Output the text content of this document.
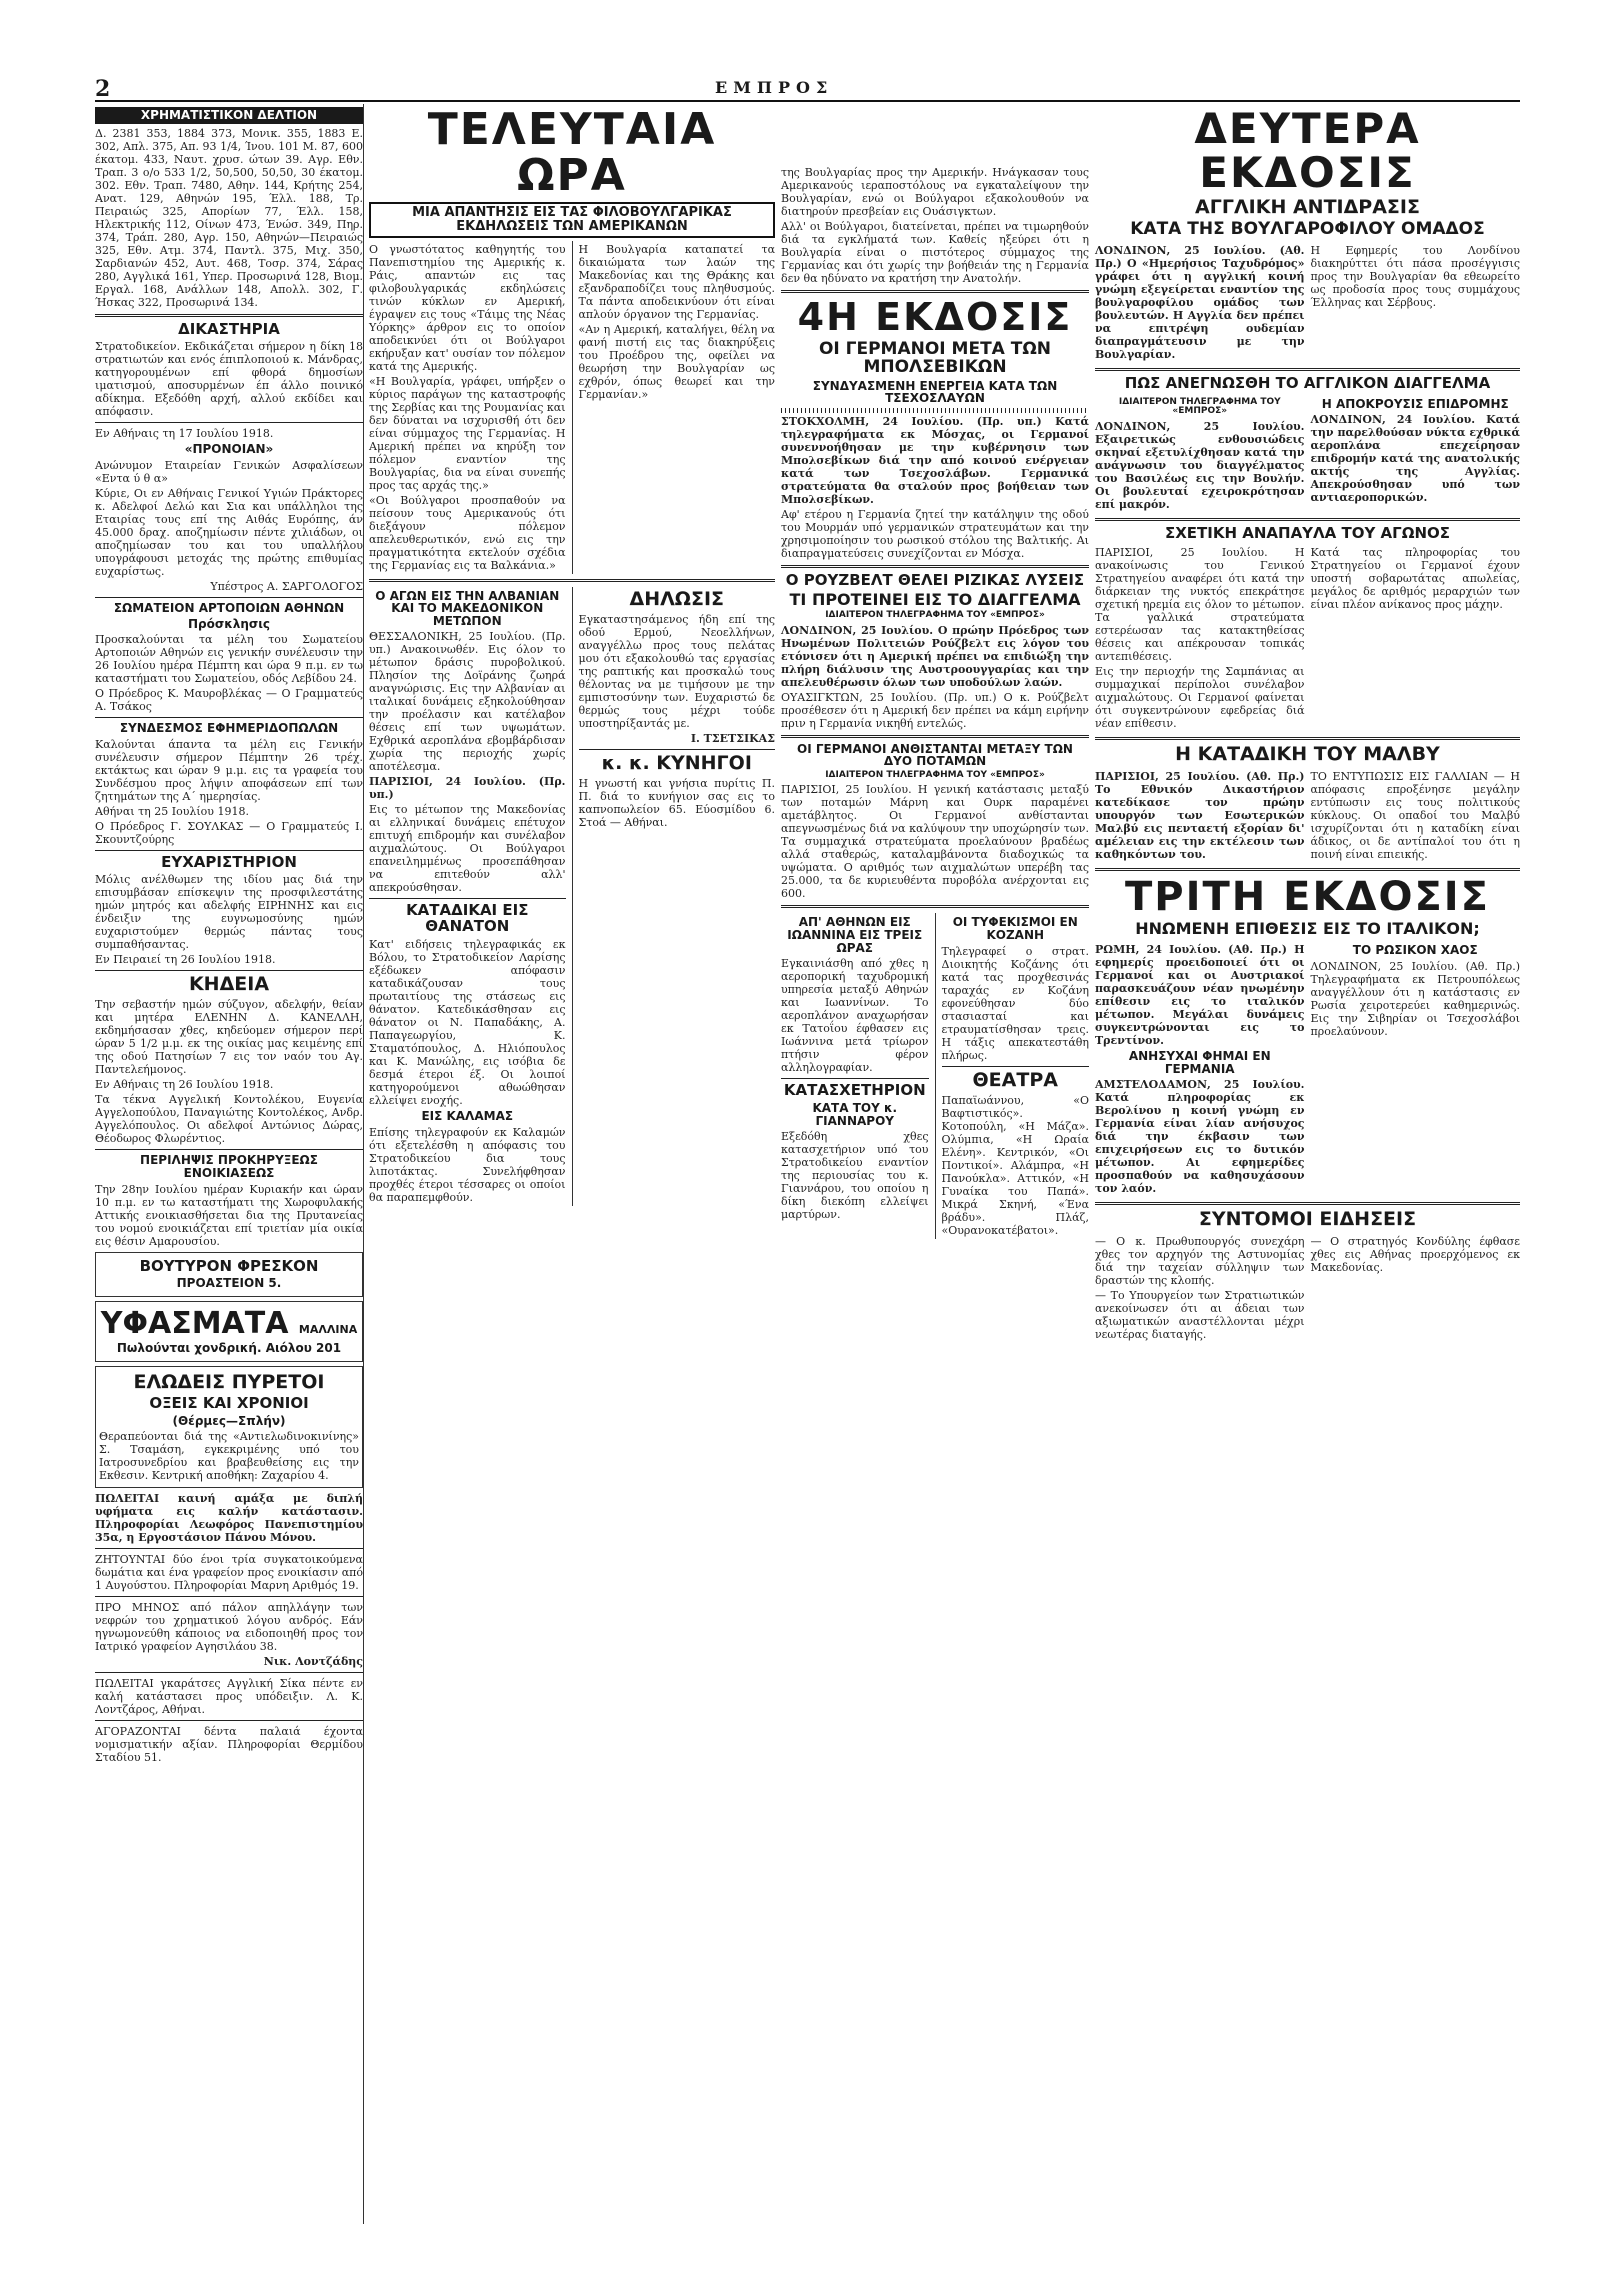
2	ΕΜΠΡΟΣ
ΧΡΗΜΑΤΙΣΤΙΚΟΝ ΔΕΛΤΙΟΝ
Δ. 2381 353, 1884 373, Μονικ. 355, 1883 Ε. 302, Απλ. 375, Απ. 93 1/4, Ίνου. 101 Μ. 87, 600 έκατομ. 433, Ναυτ. χρυσ. ώτων 39. Αγρ. Εθν. Τραπ. 3 ο/ο 533 1/2, 50,500, 50,50, 30 έκατομ. 302. Εθν. Τραπ. 7480, Αθην. 144, Κρήτης 254, Ανατ. 129, Αθηνών 195, Έλλ. 188, Τρ. Πειραιώς 325, Απορίων 77, Έλλ. 158, Ηλεκτρικής 112, Οίνων 473, Ένώσ. 349, Πηρ. 374, Τράπ. 280, Αγρ. 150, Αθηνών—Πειραιώς 325, Εθν. Ατμ. 374, Παντλ. 375, Μιχ. 350, Σαρδιανών 452, Αυτ. 468, Τοσρ. 374, Σάρας 280, Αγγλικά 161, Υπερ. Προσωρινά 128, Βιομ. Εργαλ. 168, Ανάλλων 148, Απολλ. 302, Γ. Ήσκας 322, Προσωρινά 134.
ΔΙΚΑΣΤΗΡΙΑ
Στρατοδικείον. Εκδικάζεται σήμερον η δίκη 18 στρατιωτών και ενός έπιπλοποιού κ. Μάνδρας, κατηγορουμένων επί φθορά δημοσίων ιματισμού, αποσυρμένων έπ άλλο ποινικό αδίκημα. Εξεδόθη αρχή, αλλού εκδίδει και απόφασιν.
Εν Αθήναις τη 17 Ιουλίου 1918.
«ΠΡΟΝΟΙΑΝ»
Ανώνυμον Εταιρείαν Γενικών Ασφαλίσεων «Εντα ύ θ α»
Κύριε, Οι εν Αθήναις Γενικοί Υγιών Πράκτορες κ. Αδελφοί Δελώ και Σια και υπάλληλοι της Εταιρίας τους επί της Αιθάς Ευρόπης, άν 45.000 δραχ. αποζημίωσιν πέντε χιλιάδων, οι αποζημίωσαν του και του υπαλλήλου υπογράφουσι μετοχάς της πρώτης επιθυμίας ευχαρίστως.
Υπέστρος Α. ΣΑΡΓΟΛΟΓΟΣ
ΣΩΜΑΤΕΙΟΝ ΑΡΤΟΠΟΙΩΝ ΑΘΗΝΩΝ
Πρόσκλησις
Προσκαλούνται τα μέλη του Σωματείου Αρτοποιών Αθηνών εις γενικήν συνέλευσιν την 26 Ιουλίου ημέρα Πέμπτη και ώρα 9 π.μ. εν τω καταστήματι του Σωματείου, οδός Λεβίδου 24.
Ο Πρόεδρος Κ. Μαυροβλέκας — Ο Γραμματεύς Α. Τσάκος
ΣΥΝΔΕΣΜΟΣ ΕΦΗΜΕΡΙΔΟΠΩΛΩΝ
Καλούνται άπαντα τα μέλη εις Γενικήν συνέλευσιν σήμερον Πέμπτην 26 τρέχ. εκτάκτως και ώραν 9 μ.μ. εις τα γραφεία του Συνδέσμου προς λήψιν αποφάσεων επί των ζητημάτων της Α΄ ημερησίας.
Αθήναι τη 25 Ιουλίου 1918.
Ο Πρόεδρος Γ. ΣΟΥΛΚΑΣ — Ο Γραμματεύς Ι. Σκουντζούρης
ΕΥΧΑΡΙΣΤΗΡΙΟΝ
Μόλις ανέλθωμεν της ιδίου μας διά την επισυμβάσαν επίσκεψιν της προσφιλεστάτης ημών μητρός και αδελφής ΕΙΡΗΝΗΣ και εις ένδειξιν της ευγνωμοσύνης ημών ευχαριστούμεν θερμώς πάντας τους συμπαθήσαντας.
Εν Πειραιεί τη 26 Ιουλίου 1918.
ΚΗΔΕΙΑ
Την σεβαστήν ημών σύζυγον, αδελφήν, θείαν και μητέρα ΕΛΕΝΗΝ Δ. ΚΑΝΕΛΛΗ, εκδημήσασαν χθες, κηδεύομεν σήμερον περί ώραν 5 1/2 μ.μ. εκ της οικίας μας κειμένης επί της οδού Πατησίων 7 εις τον ναόν του Αγ. Παντελεήμονος.
Εν Αθήναις τη 26 Ιουλίου 1918.
Τα τέκνα Αγγελική Κοντολέκου, Ευγενία Αγγελοπούλου, Παναγιώτης Κοντολέκος, Ανδρ. Αγγελόπουλος. Οι αδελφοί Αντώνιος Δώρας, Θέοδωρος Φλωρέντιος.
ΠΕΡΙΛΗΨΙΣ ΠΡΟΚΗΡΥΞΕΩΣ ΕΝΟΙΚΙΑΣΕΩΣ
Την 28ην Ιουλίου ημέραν Κυριακήν και ώραν 10 π.μ. εν τω καταστήματι της Χωροφυλακής Αττικής ενοικιασθήσεται δια της Πρυτανείας του νομού ενοικιάζεται επί τριετίαν μία οικία εις θέσιν Αμαρουσίου.
ΒΟΥΤΥΡΟΝ ΦΡΕΣΚΟΝ
ΠΡΟΑΣΤΕΙΟΝ 5.
ΥΦΑΣΜΑΤΑ ΜΑΛΛΙΝΑ
Πωλούνται χονδρική. Αιόλου 201
ΕΛΩΔΕΙΣ ΠΥΡΕΤΟΙ
ΟΞΕΙΣ ΚΑΙ ΧΡΟΝΙΟΙ
(Θέρμες—Σπλήν)
Θεραπεύονται διά της «Αντιελωδινοκινίνης» Σ. Τσαμάση, εγκεκριμένης υπό του Ιατροσυνεδρίου και βραβευθείσης εις την Εκθεσιν. Κεντρική αποθήκη: Ζαχαρίου 4.
ΠΩΛΕΙΤΑΙ καινή αμάξα με διπλή υφήματα εις καλήν κατάστασιν. Πληροφορίαι Λεωφόρος Πανεπιστημίου 35α, η Εργοστάσιον Πάνου Μόνου.
ΖΗΤΟΥΝΤΑΙ δύο ένοι τρία συγκατοικούμενα δωμάτια και ένα γραφείον προς ενοικίασιν από 1 Αυγούστου. Πληροφορίαι Μαρνη Αριθμός 19.
ΠΡΟ ΜΗΝΟΣ από πάλον απηλλάγην των νεφρών του χρηματικού λόγου ανδρός. Εάν ηγνωμονεύθη κάποιος να ειδοποιηθή προς τον Ιατρικό γραφείον Αγησιλάου 38.
Νικ. Λοντζάδης
ΠΩΛΕΙΤΑΙ γκαράτσες Αγγλική Σίκα πέντε εν καλή κατάστασει προς υπόδειξιν. Λ. Κ. Λοντζάρος, Αθήναι.
ΑΓΟΡΑΖΟΝΤΑΙ δέντα παλαιά έχοντα νομισματικήν αξίαν. Πληροφορίαι Θερμίδου Σταδίου 51.
ΤΕΛΕΥΤΑΙΑ ΩΡΑ
ΜΙΑ ΑΠΑΝΤΗΣΙΣ ΕΙΣ ΤΑΣ ΦΙΛΟΒΟΥΛΓΑΡΙΚΑΣ ΕΚΔΗΛΩΣΕΙΣ ΤΩΝ ΑΜΕΡΙΚΑΝΩΝ
Ο γνωστότατος καθηγητής του Πανεπιστημίου της Αμερικής κ. Ράις, απαντών εις τας φιλοβουλγαρικάς εκδηλώσεις τινών κύκλων εν Αμερική, έγραψεν εις τους «Τάιμς της Νέας Υόρκης» άρθρον εις το οποίον αποδεικνύει ότι οι Βούλγαροι εκήρυξαν κατ' ουσίαν τον πόλεμον κατά της Αμερικής.
«Η Βουλγαρία, γράφει, υπήρξεν ο κύριος παράγων της καταστροφής της Σερβίας και της Ρουμανίας και δεν δύναται να ισχυρισθή ότι δεν είναι σύμμαχος της Γερμανίας. Η Αμερική πρέπει να κηρύξη τον πόλεμον εναντίον της Βουλγαρίας, δια να είναι συνεπής προς τας αρχάς της.»
«Οι Βούλγαροι προσπαθούν να πείσουν τους Αμερικανούς ότι διεξάγουν πόλεμον απελευθερωτικόν, ενώ εις την πραγματικότητα εκτελούν σχέδια της Γερμανίας εις τα Βαλκάνια.»
Η Βουλγαρία καταπατεί τα δικαιώματα των λαών της Μακεδονίας και της Θράκης και εξανδραποδίζει τους πληθυσμούς. Τα πάντα αποδεικνύουν ότι είναι απλούν όργανον της Γερμανίας.
«Αν η Αμερική, καταλήγει, θέλη να φανή πιστή εις τας διακηρύξεις του Προέδρου της, οφείλει να θεωρήση την Βουλγαρίαν ως εχθρόν, όπως θεωρεί και την Γερμανίαν.»
Ο ΑΓΩΝ ΕΙΣ ΤΗΝ ΑΛΒΑΝΙΑΝ ΚΑΙ ΤΟ ΜΑΚΕΔΟΝΙΚΟΝ ΜΕΤΩΠΟΝ
ΘΕΣΣΑΛΟΝΙΚΗ, 25 Ιουλίου. (Πρ. υπ.) Ανακοινωθέν. Εις όλον το μέτωπον δράσις πυροβολικού. Πλησίον της Δοϊράνης ζωηρά αναγνώρισις. Εις την Αλβανίαν αι ιταλικαί δυνάμεις εξηκολούθησαν την προέλασιν και κατέλαβον θέσεις επί των υψωμάτων. Εχθρικά αεροπλάνα εβομβάρδισαν χωρία της περιοχής χωρίς αποτέλεσμα.
ΠΑΡΙΣΙΟΙ, 24 Ιουλίου. (Πρ. υπ.)
Εις το μέτωπον της Μακεδονίας αι ελληνικαί δυνάμεις επέτυχον επιτυχή επιδρομήν και συνέλαβον αιχμαλώτους. Οι Βούλγαροι επανειλημμένως προσεπάθησαν να επιτεθούν αλλ' απεκρούσθησαν.
ΚΑΤΑΔΙΚΑΙ ΕΙΣ ΘΑΝΑΤΟΝ
Κατ' ειδήσεις τηλεγραφικάς εκ Βόλου, το Στρατοδικείον Λαρίσης εξέδωκεν απόφασιν καταδικάζουσαν τους πρωταιτίους της στάσεως εις θάνατον. Κατεδικάσθησαν εις θάνατον οι Ν. Παπαδάκης, Α. Παπαγεωργίου, Κ. Σταματόπουλος, Δ. Ηλιόπουλος και Κ. Μανώλης, εις ισόβια δε δεσμά έτεροι έξ. Οι λοιποί κατηγορούμενοι αθωώθησαν ελλείψει ενοχής.
ΕΙΣ ΚΑΛΑΜΑΣ
Επίσης τηλεγραφούν εκ Καλαμών ότι εξετελέσθη η απόφασις του Στρατοδικείου δια τους λιποτάκτας. Συνελήφθησαν προχθές έτεροι τέσσαρες οι οποίοι θα παραπεμφθούν.
ΔΗΛΩΣΙΣ
Εγκαταστησάμενος ήδη επί της οδού Ερμού, Νεοελλήνων, αναγγέλλω προς τους πελάτας μου ότι εξακολουθώ τας εργασίας της ραπτικής και προσκαλώ τους θέλοντας να με τιμήσουν με την εμπιστοσύνην των. Ευχαριστώ δε θερμώς τους μέχρι τούδε υποστηρίξαντάς με.
Ι. ΤΣΕΤΣΙΚΑΣ
κ. κ. ΚΥΝΗΓΟΙ
Η γνωστή και γνήσια πυρίτις Π. Π. διά το κυνήγιον σας εις το καπνοπωλείον 65. Εύοσμίδου 6. Στοά — Αθήναι.
της Βουλγαρίας προς την Αμερικήν. Ηνάγκασαν τους Αμερικανούς ιεραποστόλους να εγκαταλείψουν την Βουλγαρίαν, ενώ οι Βούλγαροι εξακολουθούν να διατηρούν πρεσβείαν εις Ουάσιγκτων.
Αλλ' οι Βούλγαροι, διατείνεται, πρέπει να τιμωρηθούν διά τα εγκλήματά των. Καθείς ηξεύρει ότι η Βουλγαρία είναι ο πιστότερος σύμμαχος της Γερμανίας και ότι χωρίς την βοήθειάν της η Γερμανία δεν θα ηδύνατο να κρατήση την Ανατολήν.
4Η ΕΚΔΟΣΙΣ
ΟΙ ΓΕΡΜΑΝΟΙ ΜΕΤΑ ΤΩΝ ΜΠΟΛΣΕΒΙΚΩΝ
ΣΥΝΔΥΑΣΜΕΝΗ ΕΝΕΡΓΕΙΑ ΚΑΤΑ ΤΩΝ ΤΣΕΧΟΣΛΑΥΩΝ
ΣΤΟΚΧΟΛΜΗ, 24 Ιουλίου. (Πρ. υπ.) Κατά τηλεγραφήματα εκ Μόσχας, οι Γερμανοί συνεννοήθησαν με την κυβέρνησιν των Μπολσεβίκων διά την από κοινού ενέργειαν κατά των Τσεχοσλάβων. Γερμανικά στρατεύματα θα σταλούν προς βοήθειαν των Μπολσεβίκων.
Αφ' ετέρου η Γερμανία ζητεί την κατάληψιν της οδού του Μουρμάν υπό γερμανικών στρατευμάτων και την χρησιμοποίησιν του ρωσικού στόλου της Βαλτικής. Αι διαπραγματεύσεις συνεχίζονται εν Μόσχα.
Ο ΡΟΥΖΒΕΛΤ ΘΕΛΕΙ ΡΙΖΙΚΑΣ ΛΥΣΕΙΣ
ΤΙ ΠΡΟΤΕΙΝΕΙ ΕΙΣ ΤΟ ΔΙΑΓΓΕΛΜΑ
ΙΔΙΑΙΤΕΡΟΝ ΤΗΛΕΓΡΑΦΗΜΑ ΤΟΥ «ΕΜΠΡΟΣ»
ΛΟΝΔΙΝΟΝ, 25 Ιουλίου. Ο πρώην Πρόεδρος των Ηνωμένων Πολιτειών Ρούζβελτ εις λόγον του ετόνισεν ότι η Αμερική πρέπει να επιδιώξη την πλήρη διάλυσιν της Αυστροουγγαρίας και την απελευθέρωσιν όλων των υποδούλων λαών.
ΟΥΑΣΙΓΚΤΩΝ, 25 Ιουλίου. (Πρ. υπ.) Ο κ. Ρούζβελτ προσέθεσεν ότι η Αμερική δεν πρέπει να κάμη ειρήνην πριν η Γερμανία νικηθή εντελώς.
ΟΙ ΓΕΡΜΑΝΟΙ ΑΝΘΙΣΤΑΝΤΑΙ ΜΕΤΑΞΥ ΤΩΝ ΔΥΟ ΠΟΤΑΜΩΝ
ΙΔΙΑΙΤΕΡΟΝ ΤΗΛΕΓΡΑΦΗΜΑ ΤΟΥ «ΕΜΠΡΟΣ»
ΠΑΡΙΣΙΟΙ, 25 Ιουλίου. Η γενική κατάστασις μεταξύ των ποταμών Μάρνη και Ουρκ παραμένει αμετάβλητος. Οι Γερμανοί ανθίστανται απεγνωσμένως διά να καλύψουν την υποχώρησίν των. Τα συμμαχικά στρατεύματα προελαύνουν βραδέως αλλά σταθερώς, καταλαμβάνοντα διαδοχικώς τα υψώματα. Ο αριθμός των αιχμαλώτων υπερέβη τας 25.000, τα δε κυριευθέντα πυροβόλα ανέρχονται εις 600.
ΑΠ' ΑΘΗΝΩΝ ΕΙΣ ΙΩΑΝΝΙΝΑ ΕΙΣ ΤΡΕΙΣ ΩΡΑΣ
Εγκαινιάσθη από χθες η αεροπορική ταχυδρομική υπηρεσία μεταξύ Αθηνών και Ιωαννίνων. Το αεροπλάνον αναχωρήσαν εκ Τατοΐου έφθασεν εις Ιωάννινα μετά τρίωρον πτήσιν φέρον αλληλογραφίαν.
ΚΑΤΑΣΧΕΤΗΡΙΟΝ
ΚΑΤΑ ΤΟΥ κ. ΓΙΑΝΝΑΡΟΥ
Εξεδόθη χθες κατασχετήριον υπό του Στρατοδικείου εναντίον της περιουσίας του κ. Γιαννάρου, του οποίου η δίκη διεκόπη ελλείψει μαρτύρων.
ΟΙ ΤΥΦΕΚΙΣΜΟΙ ΕΝ ΚΟΖΑΝΗ
Τηλεγραφεί ο στρατ. Διοικητής Κοζάνης ότι κατά τας προχθεσινάς ταραχάς εν Κοζάνη εφονεύθησαν δύο στασιασταί και ετραυματίσθησαν τρεις. Η τάξις απεκατεστάθη πλήρως.
ΘΕΑΤΡΑ
Παπαϊωάννου, «Ο Βαφτιστικός». Κοτοπούλη, «Η Μάζα». Ολύμπια, «Η Ωραία Ελένη». Κεντρικόν, «Οι Ποντικοί». Αλάμπρα, «Η Πανούκλα». Αττικόν, «Η Γυναίκα του Παπά». Μικρά Σκηνή, «Ένα βράδυ». Πλάζ, «Ουρανοκατέβατοι».
ΔΕΥΤΕΡΑ ΕΚΔΟΣΙΣ
ΑΓΓΛΙΚΗ ΑΝΤΙΔΡΑΣΙΣ
ΚΑΤΑ ΤΗΣ ΒΟΥΛΓΑΡΟΦΙΛΟΥ ΟΜΑΔΟΣ
ΛΟΝΔΙΝΟΝ, 25 Ιουλίου. (Αθ. Πρ.) Ο «Ημερήσιος Ταχυδρόμος» γράφει ότι η αγγλική κοινή γνώμη εξεγείρεται εναντίον της βουλγαροφίλου ομάδος των βουλευτών. Η Αγγλία δεν πρέπει να επιτρέψη ουδεμίαν διαπραγμάτευσιν με την Βουλγαρίαν.
Η Εφημερίς του Λονδίνου διακηρύττει ότι πάσα προσέγγισις προς την Βουλγαρίαν θα εθεωρείτο ως προδοσία προς τους συμμάχους Έλληνας και Σέρβους.
ΠΩΣ ΑΝΕΓΝΩΣΘΗ ΤΟ ΑΓΓΛΙΚΟΝ ΔΙΑΓΓΕΛΜΑ
ΙΔΙΑΙΤΕΡΟΝ ΤΗΛΕΓΡΑΦΗΜΑ ΤΟΥ «ΕΜΠΡΟΣ»
ΛΟΝΔΙΝΟΝ, 25 Ιουλίου. Εξαιρετικώς ενθουσιώδεις σκηναί εξετυλίχθησαν κατά την ανάγνωσιν του διαγγέλματος του Βασιλέως εις την Βουλήν. Οι βουλευταί εχειροκρότησαν επί μακρόν.
Η ΑΠΟΚΡΟΥΣΙΣ ΕΠΙΔΡΟΜΗΣ
ΛΟΝΔΙΝΟΝ, 24 Ιουλίου. Κατά την παρελθούσαν νύκτα εχθρικά αεροπλάνα επεχείρησαν επιδρομήν κατά της ανατολικής ακτής της Αγγλίας. Απεκρούσθησαν υπό των αντιαεροπορικών.
ΣΧΕΤΙΚΗ ΑΝΑΠΑΥΛΑ ΤΟΥ ΑΓΩΝΟΣ
ΠΑΡΙΣΙΟΙ, 25 Ιουλίου. Η ανακοίνωσις του Γενικού Στρατηγείου αναφέρει ότι κατά την διάρκειαν της νυκτός επεκράτησε σχετική ηρεμία εις όλον το μέτωπον. Τα γαλλικά στρατεύματα εστερέωσαν τας κατακτηθείσας θέσεις και απέκρουσαν τοπικάς αντεπιθέσεις.
Εις την περιοχήν της Σαμπάνιας αι συμμαχικαί περίπολοι συνέλαβον αιχμαλώτους. Οι Γερμανοί φαίνεται ότι συγκεντρώνουν εφεδρείας διά νέαν επίθεσιν.
Κατά τας πληροφορίας του Στρατηγείου οι Γερμανοί έχουν υποστή σοβαρωτάτας απωλείας, μεγάλος δε αριθμός μεραρχιών των είναι πλέον ανίκανος προς μάχην.
Η ΚΑΤΑΔΙΚΗ ΤΟΥ ΜΑΛΒΥ
ΠΑΡΙΣΙΟΙ, 25 Ιουλίου. (Αθ. Πρ.) Το Εθνικόν Δικαστήριον κατεδίκασε τον πρώην υπουργόν των Εσωτερικών Μαλβύ εις πενταετή εξορίαν δι' αμέλειαν εις την εκτέλεσιν των καθηκόντων του.
ΤΟ ΕΝΤΥΠΩΣΙΣ ΕΙΣ ΓΑΛΛΙΑΝ — Η απόφασις επροξένησε μεγάλην εντύπωσιν εις τους πολιτικούς κύκλους. Οι οπαδοί του Μαλβύ ισχυρίζονται ότι η καταδίκη είναι άδικος, οι δε αντίπαλοί του ότι η ποινή είναι επιεικής.
ΤΡΙΤΗ ΕΚΔΟΣΙΣ
ΗΝΩΜΕΝΗ ΕΠΙΘΕΣΙΣ ΕΙΣ ΤΟ ΙΤΑΛΙΚΟΝ;
ΡΩΜΗ, 24 Ιουλίου. (Αθ. Πρ.) Η εφημερίς προειδοποιεί ότι οι Γερμανοί και οι Αυστριακοί παρασκευάζουν νέαν ηνωμένην επίθεσιν εις το ιταλικόν μέτωπον. Μεγάλαι δυνάμεις συγκεντρώνονται εις το Τρεντίνον.
ΑΝΗΣΥΧΑΙ ΦΗΜΑΙ ΕΝ ΓΕΡΜΑΝΙΑ
ΑΜΣΤΕΛΟΔΑΜΟΝ, 25 Ιουλίου. Κατά πληροφορίας εκ Βερολίνου η κοινή γνώμη εν Γερμανία είναι λίαν ανήσυχος διά την έκβασιν των επιχειρήσεων εις το δυτικόν μέτωπον. Αι εφημερίδες προσπαθούν να καθησυχάσουν τον λαόν.
ΤΟ ΡΩΣΙΚΟΝ ΧΑΟΣ
ΛΟΝΔΙΝΟΝ, 25 Ιουλίου. (Αθ. Πρ.) Τηλεγραφήματα εκ Πετρουπόλεως αναγγέλλουν ότι η κατάστασις εν Ρωσία χειροτερεύει καθημερινώς. Εις την Σιβηρίαν οι Τσεχοσλάβοι προελαύνουν.
ΣΥΝΤΟΜΟΙ ΕΙΔΗΣΕΙΣ
— Ο κ. Πρωθυπουργός συνεχάρη χθες τον αρχηγόν της Αστυνομίας διά την ταχείαν σύλληψιν των δραστών της κλοπής.
— Το Υπουργείον των Στρατιωτικών ανεκοίνωσεν ότι αι άδειαι των αξιωματικών αναστέλλονται μέχρι νεωτέρας διαταγής.
— Ο στρατηγός Κονδύλης έφθασε χθες εις Αθήνας προερχόμενος εκ Μακεδονίας.
